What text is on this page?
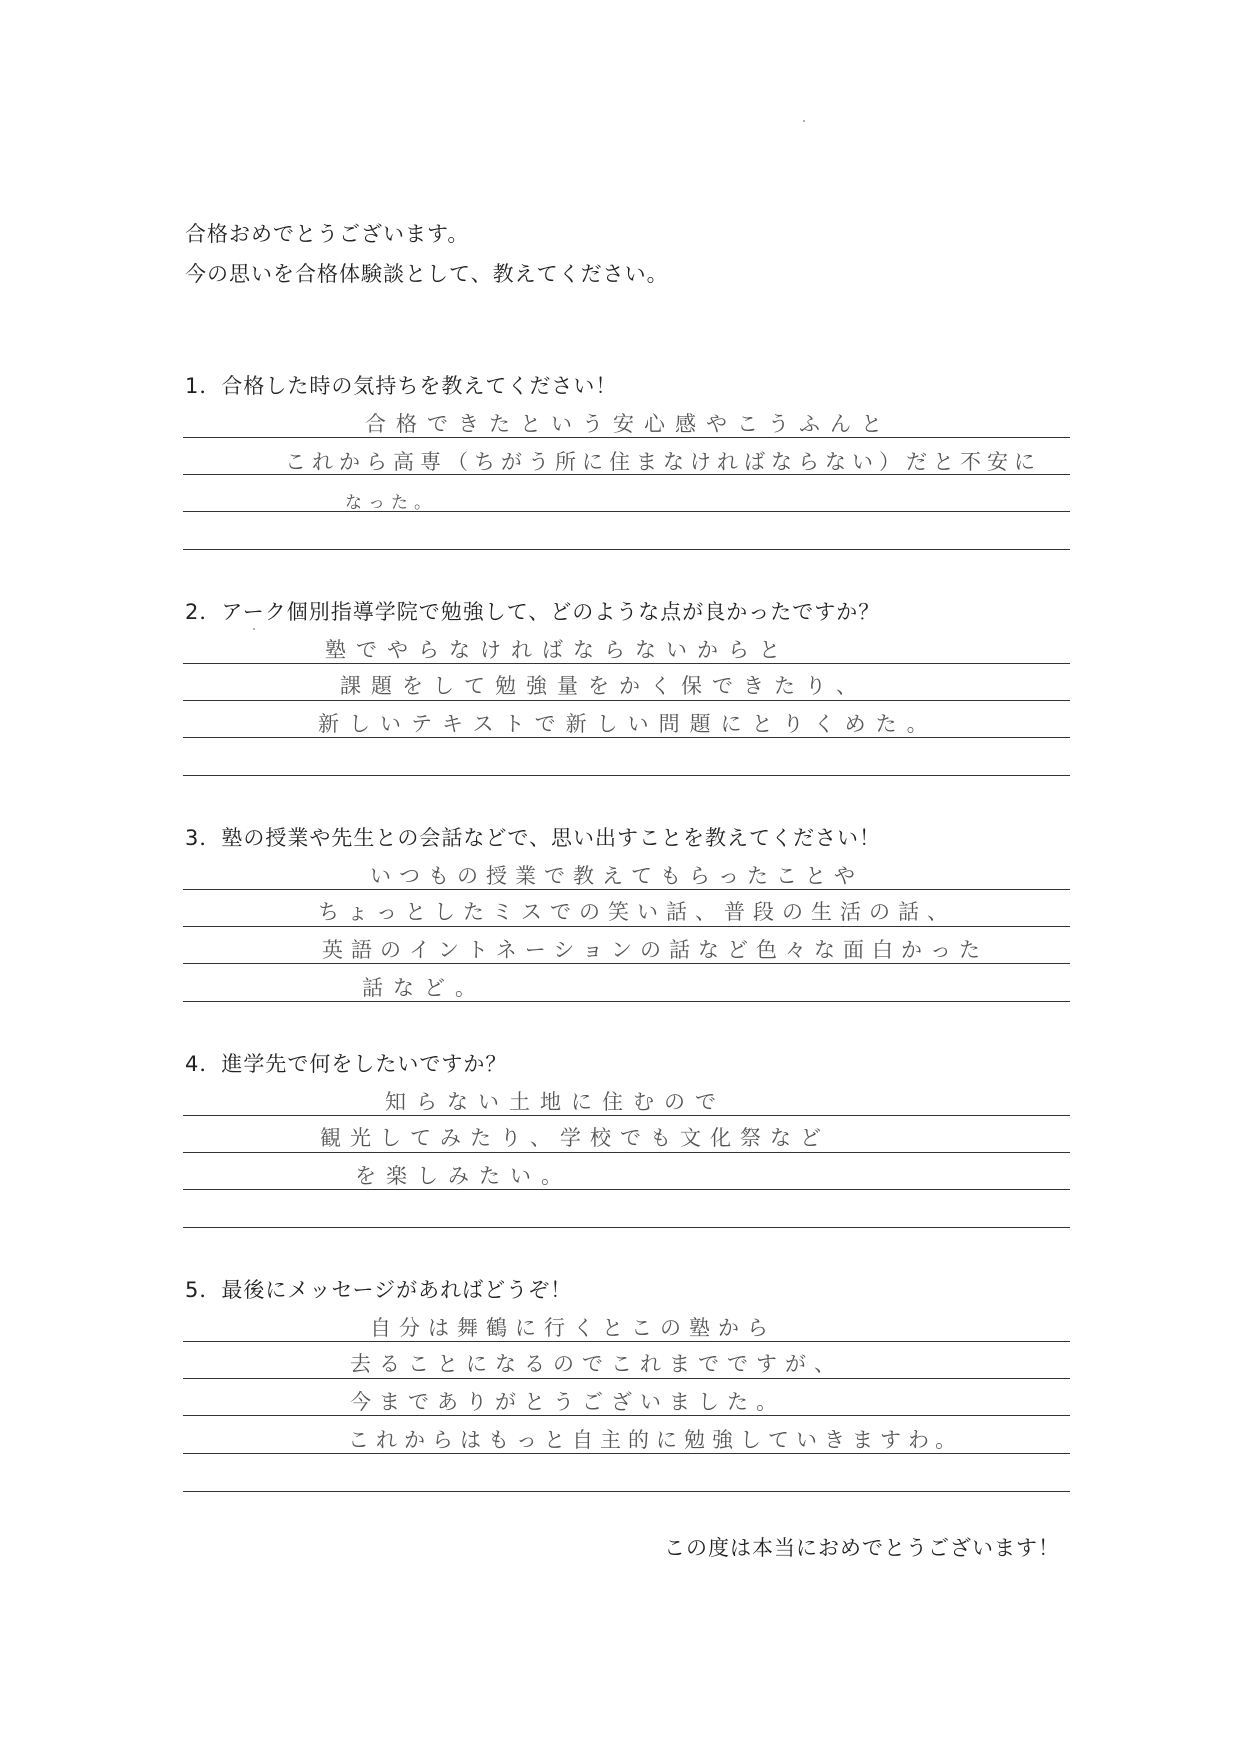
合格おめでとうございます。
今の思いを合格体験談として、教えてください。
1．合格した時の気持ちを教えてください！
合格できたという安心感やこうふんと
これから高専（ちがう所に住まなければならない）だと不安に
なった。
2．アーク個別指導学院で勉強して、どのような点が良かったですか？
塾でやらなければならないからと
課題をして勉強量をかく保できたり、
新しいテキストで新しい問題にとりくめた。
3．塾の授業や先生との会話などで、思い出すことを教えてください！
いつもの授業で教えてもらったことや
ちょっとしたミスでの笑い話、普段の生活の話、
英語のイントネーションの話など色々な面白かった
話など。
4．進学先で何をしたいですか？
知らない土地に住むので
観光してみたり、学校でも文化祭など
を楽しみたい。
5．最後にメッセージがあればどうぞ！
自分は舞鶴に行くとこの塾から
去ることになるのでこれまでですが、
今までありがとうございました。
これからはもっと自主的に勉強していきますわ。
この度は本当におめでとうございます！
